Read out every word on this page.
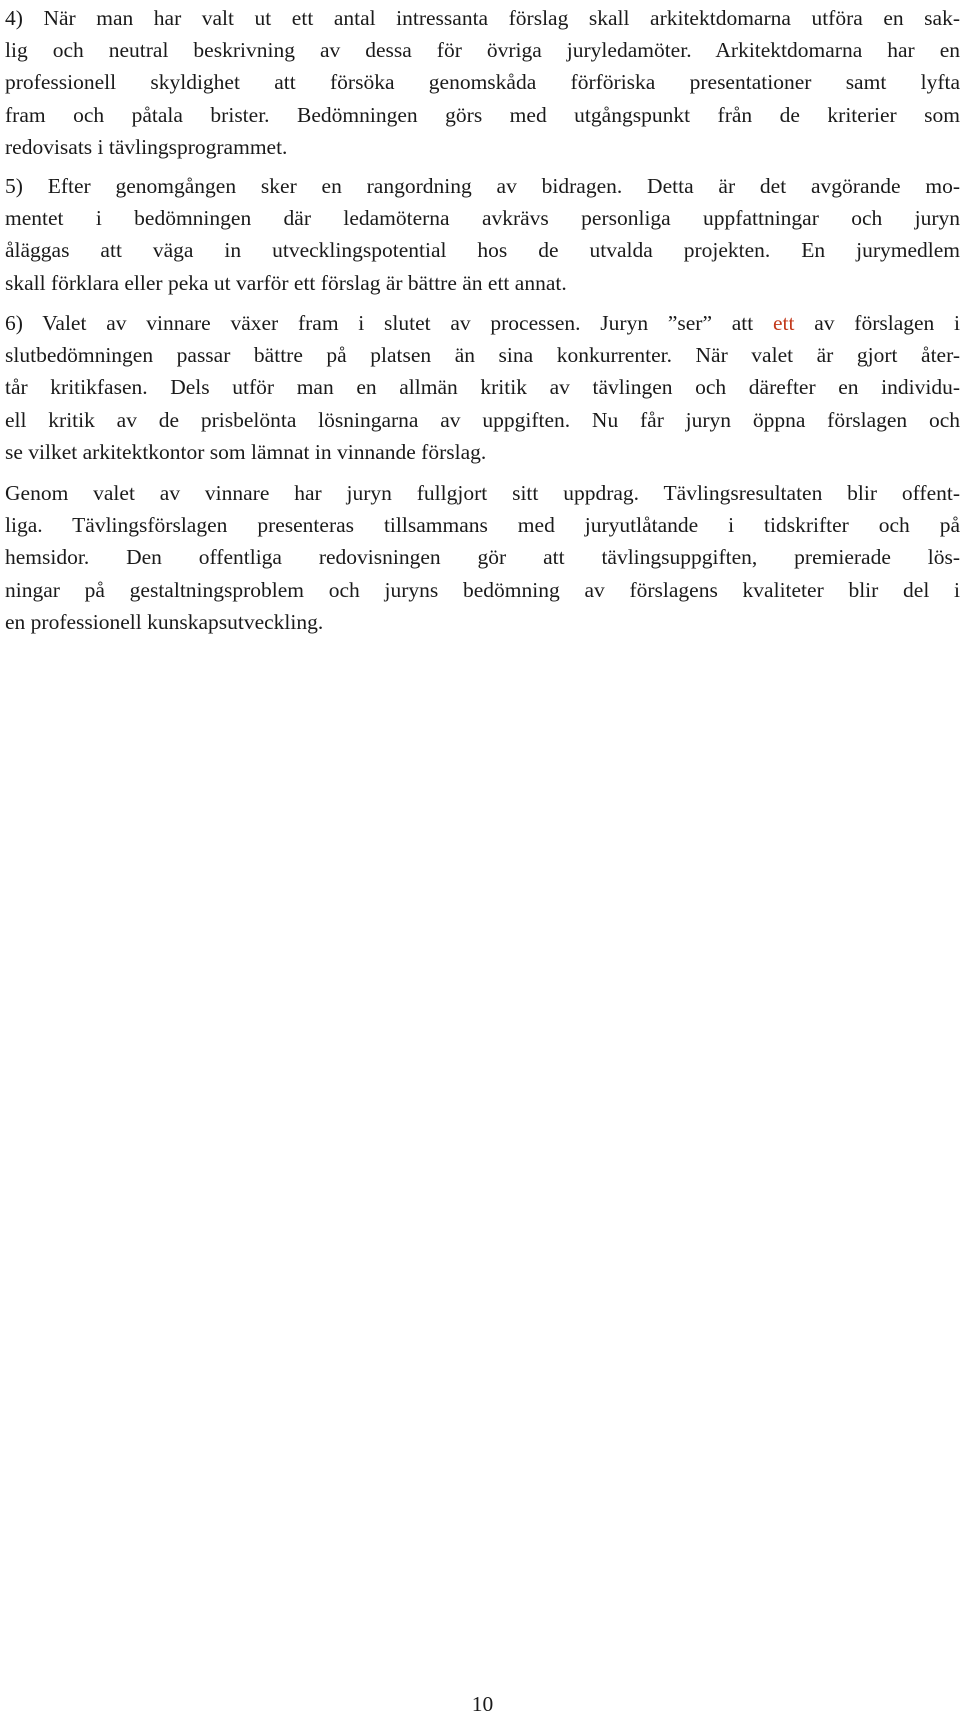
4) När man har valt ut ett antal intressanta förslag skall arkitektdomarna utföra en sak-
lig och neutral beskrivning av dessa för övriga juryledamöter. Arkitektdomarna har en
professionell skyldighet att försöka genomskåda förföriska presentationer samt lyfta
fram och påtala brister. Bedömningen görs med utgångspunkt från de kriterier som
redovisats i tävlingsprogrammet.
5) Efter genomgången sker en rangordning av bidragen. Detta är det avgörande mo-
mentet i bedömningen där ledamöterna avkrävs personliga uppfattningar och juryn
åläggas att väga in utvecklingspotential hos de utvalda projekten. En jurymedlem
skall förklara eller peka ut varför ett förslag är bättre än ett annat.
6) Valet av vinnare växer fram i slutet av processen. Juryn ”ser” att ett av förslagen i
slutbedömningen passar bättre på platsen än sina konkurrenter. När valet är gjort åter-
tår kritikfasen. Dels utför man en allmän kritik av tävlingen och därefter en individu-
ell kritik av de prisbelönta lösningarna av uppgiften. Nu får juryn öppna förslagen och
se vilket arkitektkontor som lämnat in vinnande förslag.
Genom valet av vinnare har juryn fullgjort sitt uppdrag. Tävlingsresultaten blir offent-
liga. Tävlingsförslagen presenteras tillsammans med juryutlåtande i tidskrifter och på
hemsidor. Den offentliga redovisningen gör att tävlingsuppgiften, premierade lös-
ningar på gestaltningsproblem och juryns bedömning av förslagens kvaliteter blir del i
en professionell kunskapsutveckling.
10
